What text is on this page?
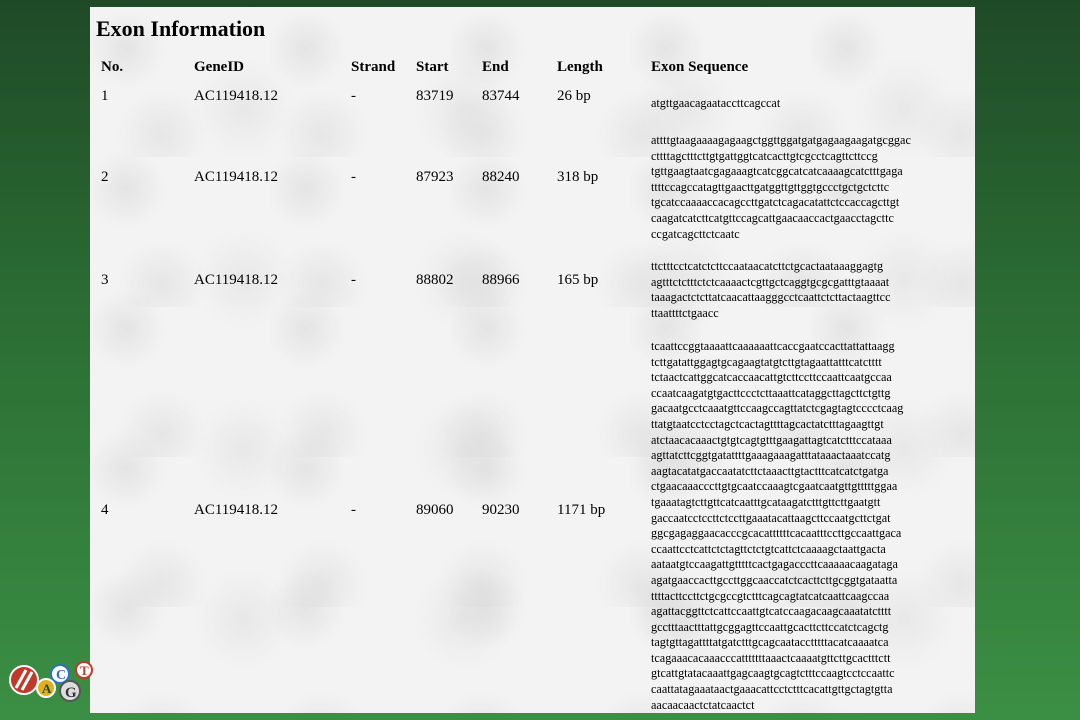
Exon Information
No.	GeneID	Strand Start End	Length	Exon Sequence
1	AC119418.12	-	83719 83744	26 bp	atgttgaacagaataccttcagccat
2	AC119418.12	-	87923 88240	318 bp
attttgtaagaaaagagaagctggttggatgatgagaagaagatgcggac
cttttagctttcttgtgattggtcatcacttgtcgcctcagttcttccg
tgttgaagtaatcgagaaagtcatcggcatcatcaaaagcatctttgaga
ttttccagccatagttgaacttgatggttgttggtgccctgctgctcttc
tgcatccaaaaccacagccttgatctcagacatattctccaccagcttgt
caagatcatcttcatgttccagcattgaacaaccactgaacctagcttc
ccgatcagcttctcaatc
3	AC119418.12	-	88802 88966	165 bp
ttctttcctcatctcttccaataacatcttctgcactaataaaggagtg
agtttctctttctctcaaaactcgttgctcaggtgcgcgatttgtaaaat
taaagactctcttatcaacattaagggcctcaattctcttactaagttcc
ttaattttctgaacc
4	AC119418.12	-	89060 90230	1171 bp
tcaattccggtaaaattcaaaaaattcaccgaatccacttattattaagg
tcttgatattggagtgcagaagtatgtcttgtagaattatttcatctttt
tctaactcattggcatcaccaacattgtcttccttccaattcaatgccaa
ccaatcaagatgtgacttccctcttaaattcataggcttagcttctgttg
gacaatgcctcaaatgttccaagccagttatctcgagtagtcccctcaag
ttatgtaatcctcctagctcactagttttagcactatctttagaagttgt
atctaacacaaactgtgtcagtgtttgaagattagtcatctttccataaa
agttatcttcggtgatattttgaaagaaagatttataaactaaatccatg
aagtacatatgaccaatatcttctaaacttgtactttcatcatctgatga
ctgaacaaacccttgtgcaatccaaagtcgaatcaatgttgtttttggaa
tgaaatagtcttgttcatcaatttgcataagatctttgttcttgaatgtt
gaccaatcctccttctccttgaaatacattaagcttccaatgcttctgat
ggcgagaggaacacccgcacattttttcacaatttccttgccaattgaca
ccaattcctcattctctagttctctgtcattctcaaaagctaattgacta
aataatgtccaagattgtttttcactgagacccttcaaaaacaagataga
agatgaaccacttgccttggcaaccatctcacttcttgcggtgataatta
ttttacttccttctgcgccgtctttcagcagtatcatcaattcaagccaa
agattacggttctcattccaattgtcatccaagacaagcaaatatctttt
gcctttaactttattgcggagttccaattgcacttcttccatctcagctg
tagtgttagattttatgatctttgcagcaatacctttttacatcaaaatca
tcagaaacacaaacccatttttttaaactcaaaatgttcttgcactttctt
gtcattgtatacaaattgagcaagtgcagtctttccaagtcctccaattc
caattatagaaataactgaaacattcctctttcacattgttgctagtgtta
aacaacaactctatcaactct
C T
A G
